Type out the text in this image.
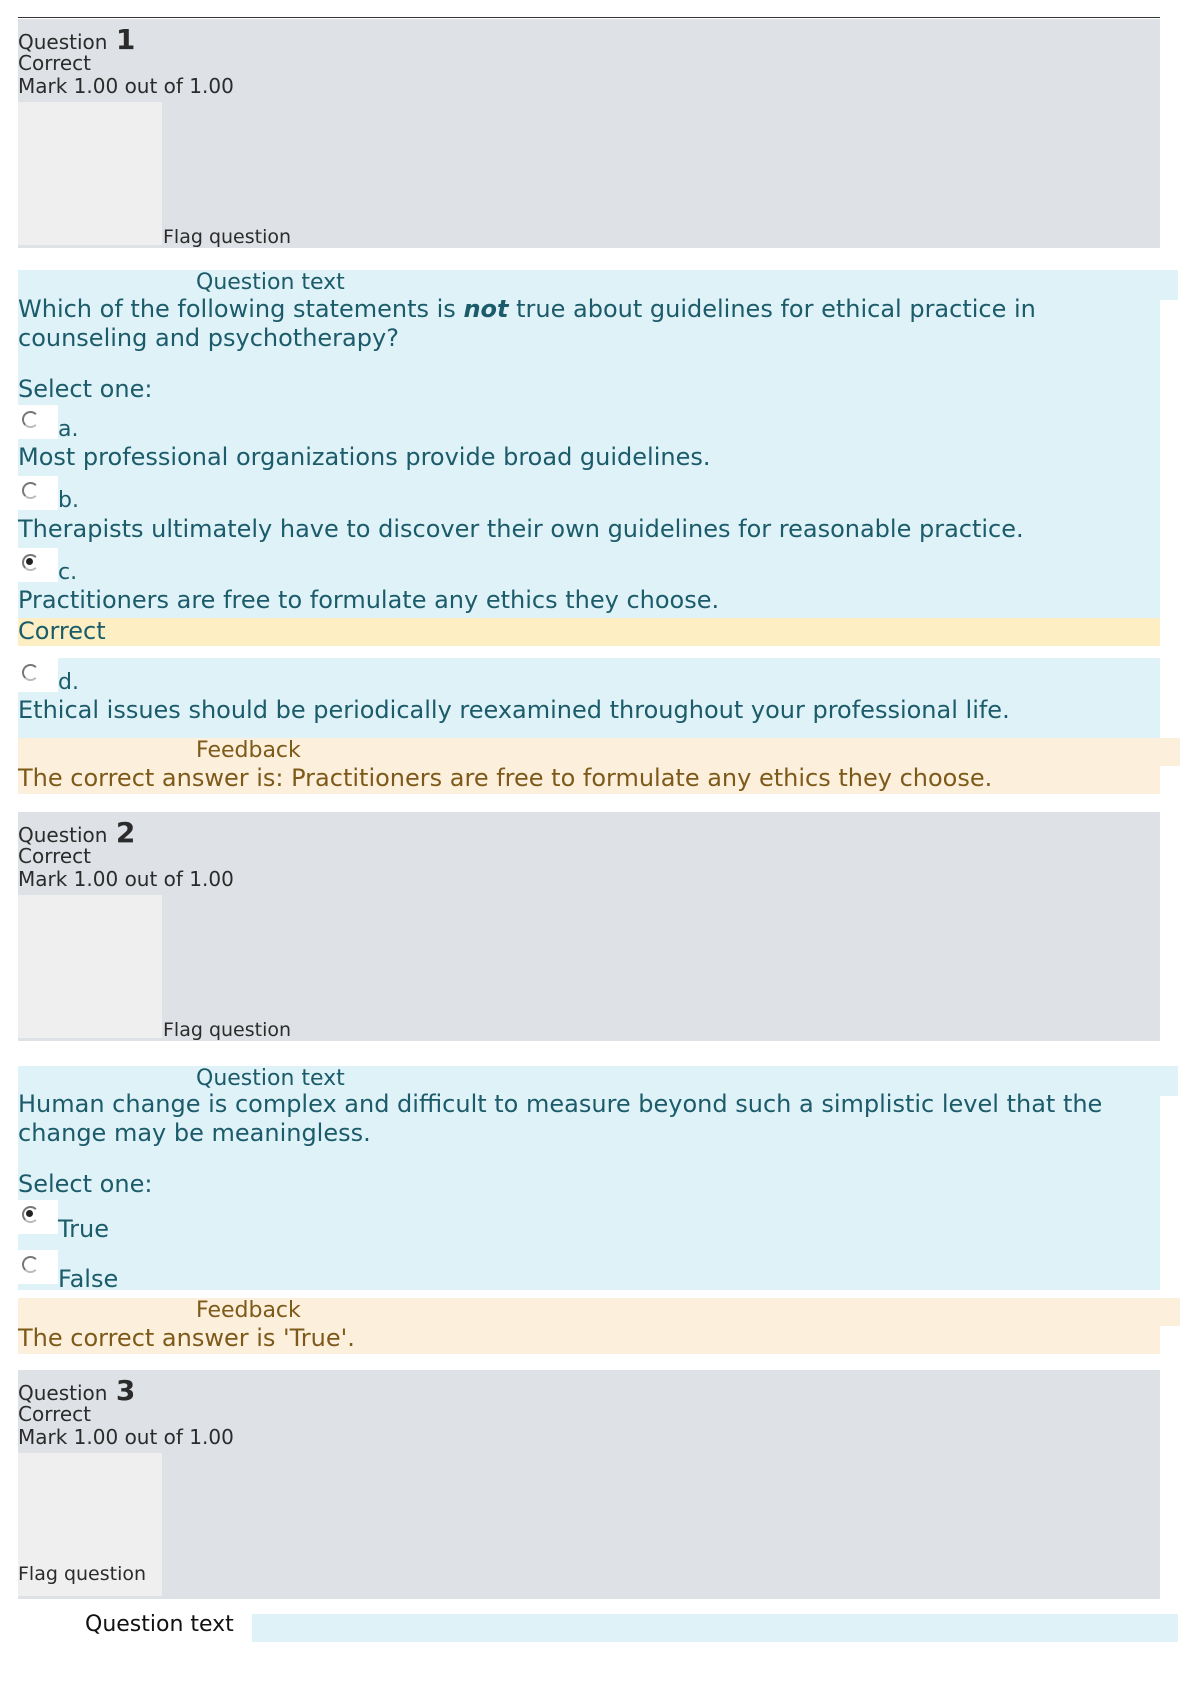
Question 1
Correct
Mark 1.00 out of 1.00
Flag question
Question text
Which of the following statements is not true about guidelines for ethical practice in counseling and psychotherapy?
Select one:
a.
Most professional organizations provide broad guidelines.
b.
Therapists ultimately have to discover their own guidelines for reasonable practice.
c.
Practitioners are free to formulate any ethics they choose.
Correct
d.
Ethical issues should be periodically reexamined throughout your professional life.
Feedback
The correct answer is: Practitioners are free to formulate any ethics they choose.
Question 2
Correct
Mark 1.00 out of 1.00
Flag question
Question text
Human change is complex and difficult to measure beyond such a simplistic level that the change may be meaningless.
Select one:
True
False
Feedback
The correct answer is 'True'.
Question 3
Correct
Mark 1.00 out of 1.00
Flag question
Question text
